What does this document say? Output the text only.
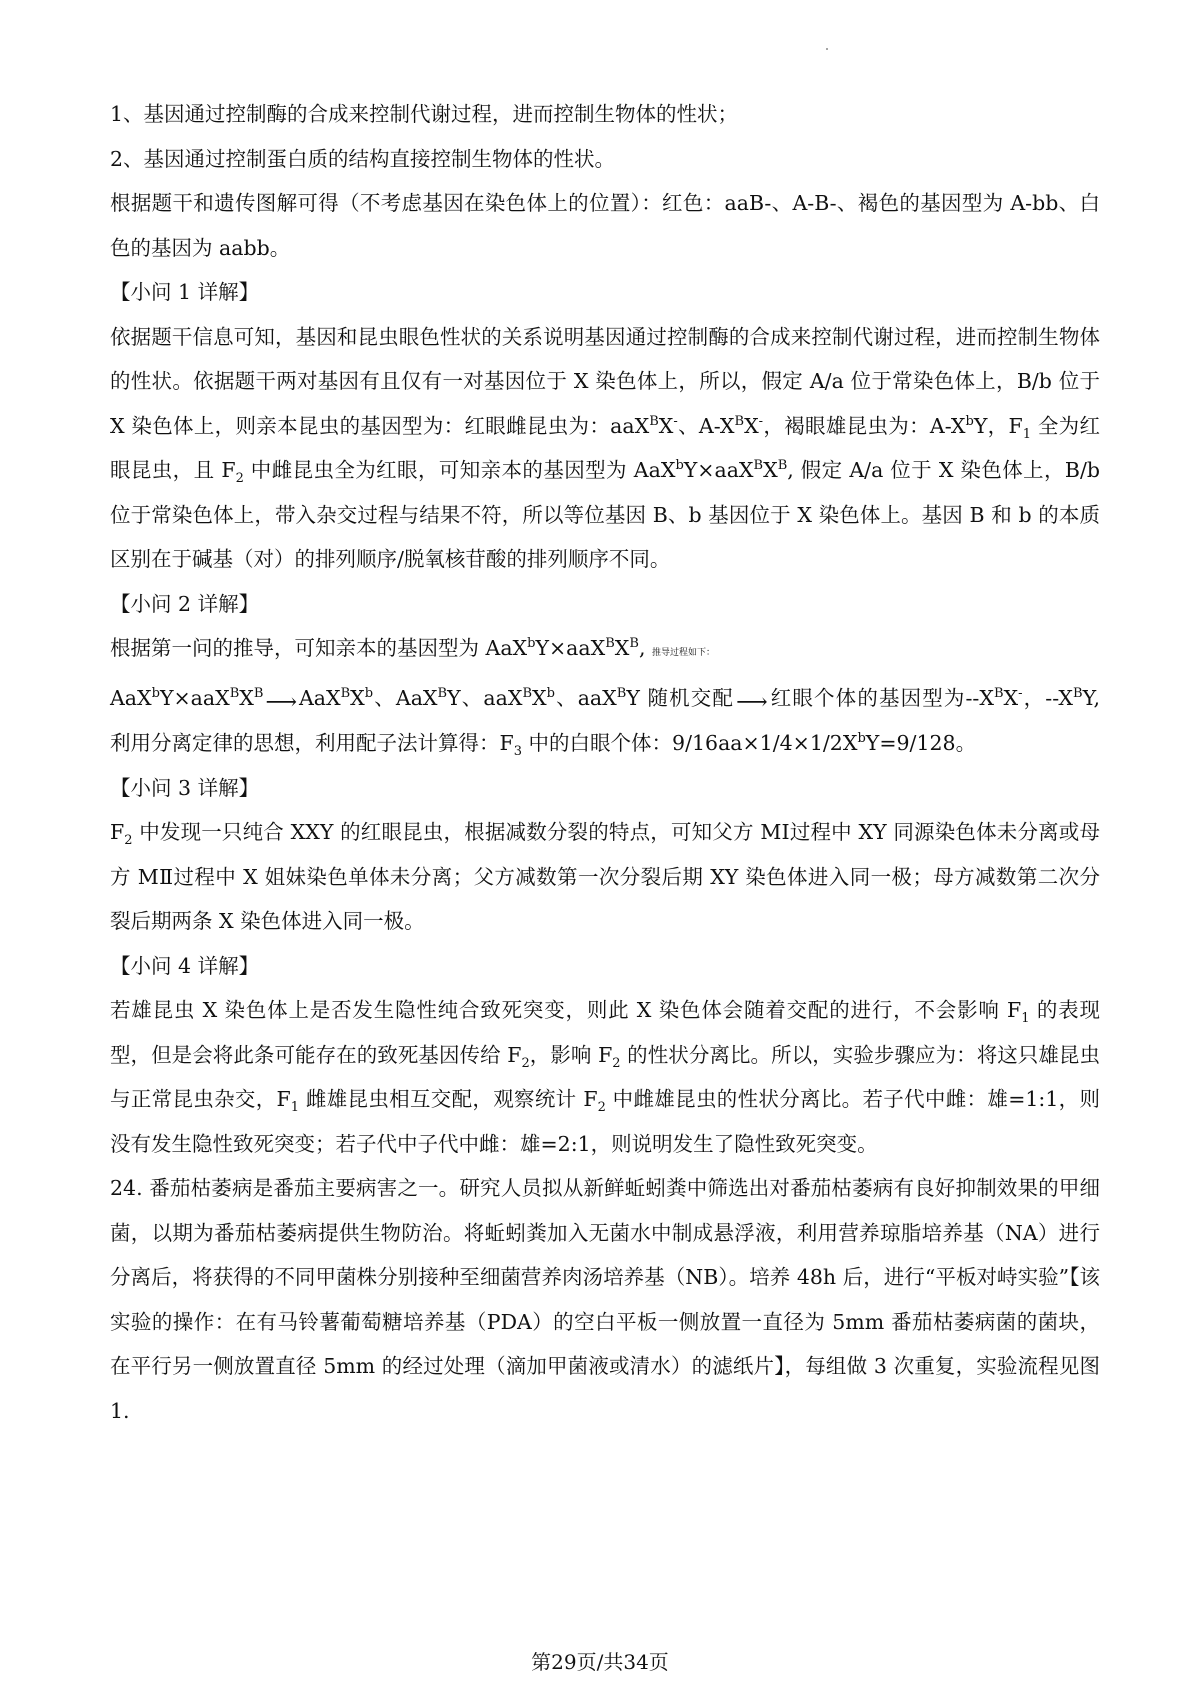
1、基因通过控制酶的合成来控制代谢过程，进而控制生物体的性状；

2、基因通过控制蛋白质的结构直接控制生物体的性状。

根据题干和遗传图解可得（不考虑基因在染色体上的位置）：红色：aaB-、A-B-、褐色的基因型为 A-bb、白色的基因为 aabb。

【小问 1 详解】

依据题干信息可知，基因和昆虫眼色性状的关系说明基因通过控制酶的合成来控制代谢过程，进而控制生物体的性状。依据题干两对基因有且仅有一对基因位于 X 染色体上，所以，假定 A/a 位于常染色体上，B/b 位于 X 染色体上，则亲本昆虫的基因型为：红眼雌昆虫为：aaX$^B$X-、$A-X^BX^-$，褐眼雄昆虫为：$A-X^bY$，$F_1$ 全为红眼昆虫，且 $F_2$ 中雌昆虫全为红眼，可知亲本的基因型为 $AaX^bY\times aaX^BX^B$, 假定 A/a 位于 X 染色体上，B/b 位于常染色体上，带入杂交过程与结果不符，所以等位基因 B、b 基因位于 X 染色体上。基因 B 和 b 的本质区别在于碱基（对）的排列顺序/脱氧核苷酸的排列顺序不同。

【小问 2 详解】

根据第一问的推导，可知亲本的基因型为 $AaX^bY\times aaX^BX^B$, 推导过程如下：

$AaX^bY\times aaX^BX^B⟶AaX^BX^b$、AaX$^B$Y、$aaX^BX^b$、aaX$^B$Y 随机交配⟶红眼个体的基因型为$--X^BX^-$，$--X^BY$, 利用分离定律的思想，利用配子法计算得：$F_3$ 中的白眼个体：$9/16aa\times 1/4\times 1/2X^bY=9/128$。

【小问 3 详解】

$F_2$ 中发现一只纯合 XXY 的红眼昆虫，根据减数分裂的特点，可知父方 MⅠ过程中 XY 同源染色体未分离或母方 MⅡ过程中 X 姐妹染色单体未分离；父方减数第一次分裂后期 XY 染色体进入同一极；母方减数第二次分裂后期两条 X 染色体进入同一极。

【小问 4 详解】

若雄昆虫 X 染色体上是否发生隐性纯合致死突变，则此 X 染色体会随着交配的进行，不会影响 $F_1$ 的表现型，但是会将此条可能存在的致死基因传给 $F_2$，影响 $F_2$ 的性状分离比。所以，实验步骤应为：将这只雄昆虫与正常昆虫杂交，$F_1$ 雌雄昆虫相互交配，观察统计 $F_2$ 中雌雄昆虫的性状分离比。若子代中雌：雄=1:1，则没有发生隐性致死突变；若子代中子代中雌：雄=2:1，则说明发生了隐性致死突变。

24. 番茄枯萎病是番茄主要病害之一。研究人员拟从新鲜蚯蚓粪中筛选出对番茄枯萎病有良好抑制效果的甲细菌，以期为番茄枯萎病提供生物防治。将蚯蚓粪加入无菌水中制成悬浮液，利用营养琼脂培养基（NA）进行分离后，将获得的不同甲菌株分别接种至细菌营养肉汤培养基（NB）。培养 48h 后，进行“平板对峙实验”【该实验的操作：在有马铃薯葡萄糖培养基（PDA）的空白平板一侧放置一直径为 5mm 番茄枯萎病菌的菌块，在平行另一侧放置直径 5mm 的经过处理（滴加甲菌液或清水）的滤纸片】，每组做 3 次重复，实验流程见图 1.

第29页/共34页
